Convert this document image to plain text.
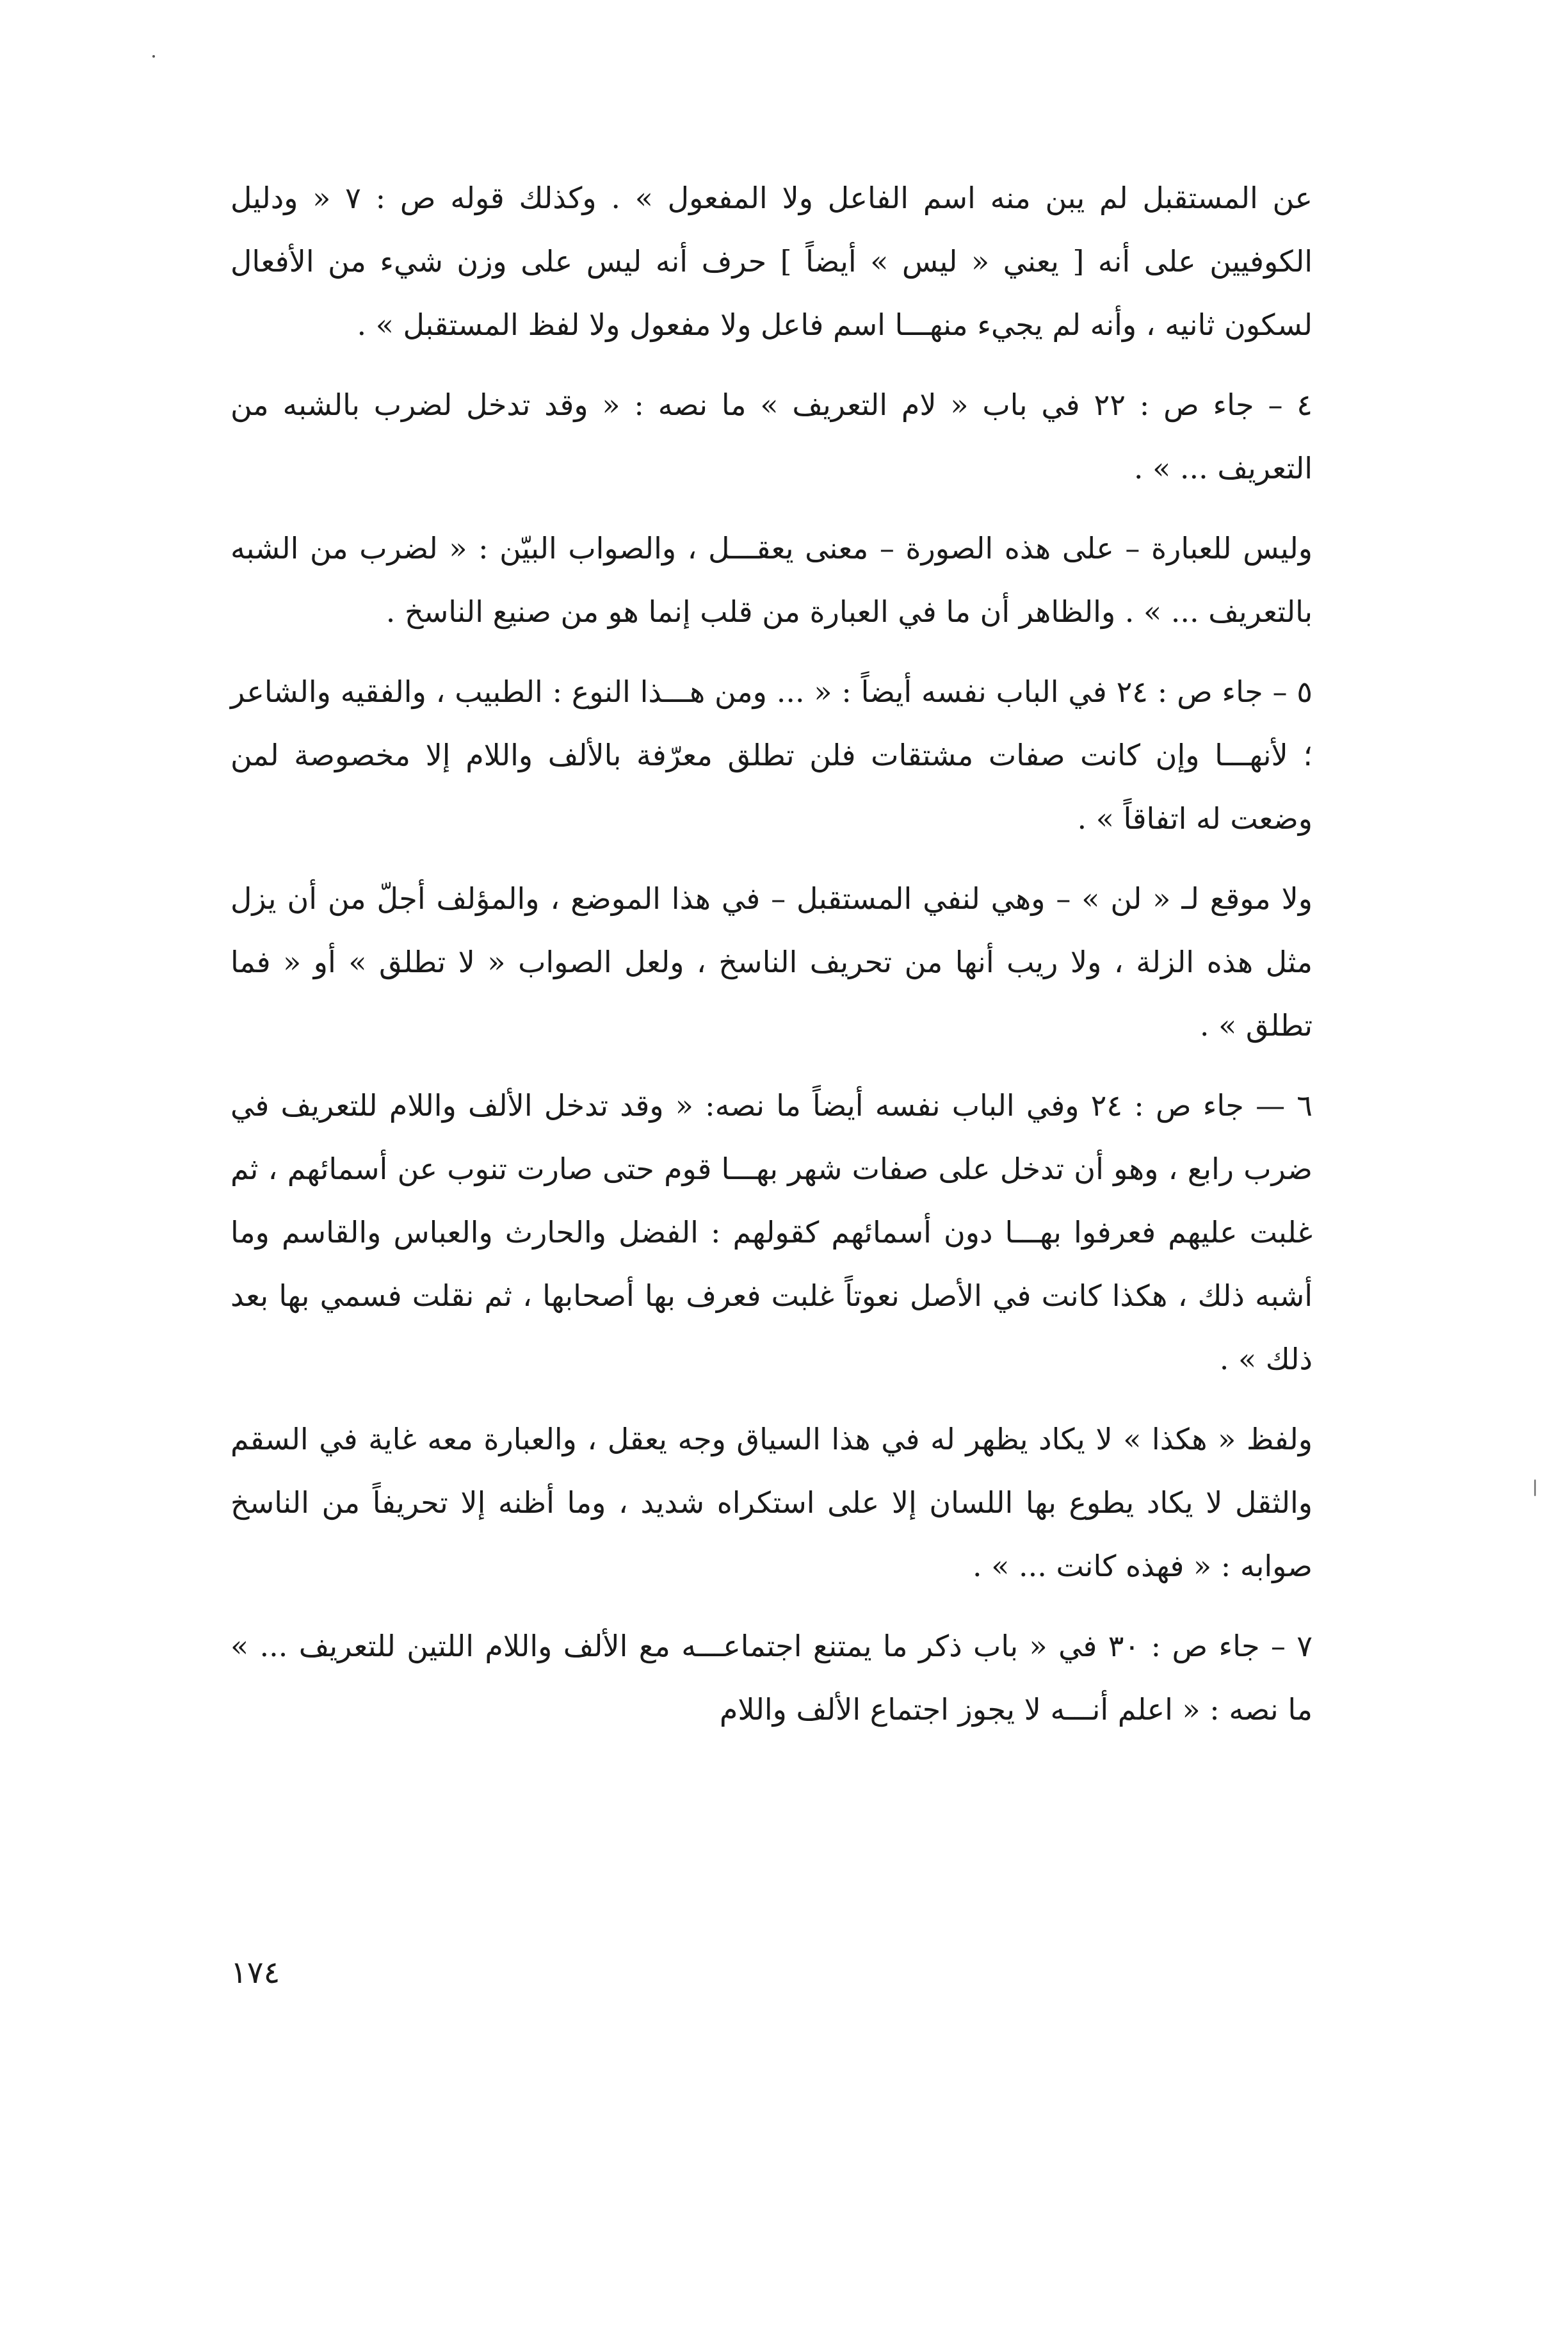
عن المستقبل لم يبن منه اسم الفاعل ولا المفعول » . وكذلك قوله ص : ٧ « ودليل الكوفيين على أنه [ يعني « ليس » أيضاً ] حرف أنه ليس على وزن شيء من الأفعال لسكون ثانيه ، وأنه لم يجيء منهـــا اسم فاعل ولا مفعول ولا لفظ المستقبل » .

٤ – جاء ص : ٢٢ في باب « لام التعريف » ما نصه : « وقد تدخل لضرب بالشبه من التعريف ... » .

وليس للعبارة – على هذه الصورة – معنى يعقـــل ، والصواب البيّن : « لضرب من الشبه بالتعريف ... » . والظاهر أن ما في العبارة من قلب إنما هو من صنيع الناسخ .

٥ – جاء ص : ٢٤ في الباب نفسه أيضاً : « ... ومن هـــذا النوع : الطبيب ، والفقيه والشاعر ؛ لأنهـــا وإن كانت صفات مشتقات فلن تطلق معرّفة بالألف واللام إلا مخصوصة لمن وضعت له اتفاقاً » .

ولا موقع لـ « لن » – وهي لنفي المستقبل – في هذا الموضع ، والمؤلف أجلّ من أن يزل مثل هذه الزلة ، ولا ريب أنها من تحريف الناسخ ، ولعل الصواب « لا تطلق » أو « فما تطلق » .

٦ — جاء ص : ٢٤ وفي الباب نفسه أيضاً ما نصه: « وقد تدخل الألف واللام للتعريف في ضرب رابع ، وهو أن تدخل على صفات شهر بهـــا قوم حتى صارت تنوب عن أسمائهم ، ثم غلبت عليهم فعرفوا بهـــا دون أسمائهم كقولهم : الفضل والحارث والعباس والقاسم وما أشبه ذلك ، هكذا كانت في الأصل نعوتاً غلبت فعرف بها أصحابها ، ثم نقلت فسمي بها بعد ذلك » .

ولفظ « هكذا » لا يكاد يظهر له في هذا السياق وجه يعقل ، والعبارة معه غاية في السقم والثقل لا يكاد يطوع بها اللسان إلا على استكراه شديد ، وما أظنه إلا تحريفاً من الناسخ صوابه : « فهذه كانت ... » .

٧ – جاء ص : ٣٠ في « باب ذكر ما يمتنع اجتماعـــه مع الألف واللام اللتين للتعريف ... » ما نصه : « اعلم أنـــه لا يجوز اجتماع الألف واللام

١٧٤
